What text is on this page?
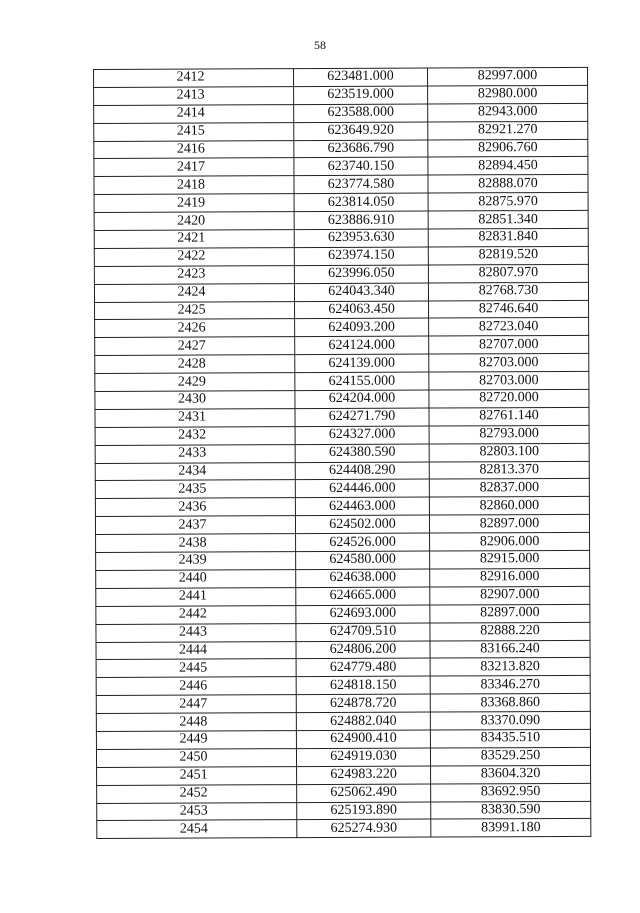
58
2412	623481.000	82997.000
2413	623519.000	82980.000
2414	623588.000	82943.000
2415	623649.920	82921.270
2416	623686.790	82906.760
2417	623740.150	82894.450
2418	623774.580	82888.070
2419	623814.050	82875.970
2420	623886.910	82851.340
2421	623953.630	82831.840
2422	623974.150	82819.520
2423	623996.050	82807.970
2424	624043.340	82768.730
2425	624063.450	82746.640
2426	624093.200	82723.040
2427	624124.000	82707.000
2428	624139.000	82703.000
2429	624155.000	82703.000
2430	624204.000	82720.000
2431	624271.790	82761.140
2432	624327.000	82793.000
2433	624380.590	82803.100
2434	624408.290	82813.370
2435	624446.000	82837.000
2436	624463.000	82860.000
2437	624502.000	82897.000
2438	624526.000	82906.000
2439	624580.000	82915.000
2440	624638.000	82916.000
2441	624665.000	82907.000
2442	624693.000	82897.000
2443	624709.510	82888.220
2444	624806.200	83166.240
2445	624779.480	83213.820
2446	624818.150	83346.270
2447	624878.720	83368.860
2448	624882.040	83370.090
2449	624900.410	83435.510
2450	624919.030	83529.250
2451	624983.220	83604.320
2452	625062.490	83692.950
2453	625193.890	83830.590
2454	625274.930	83991.180
